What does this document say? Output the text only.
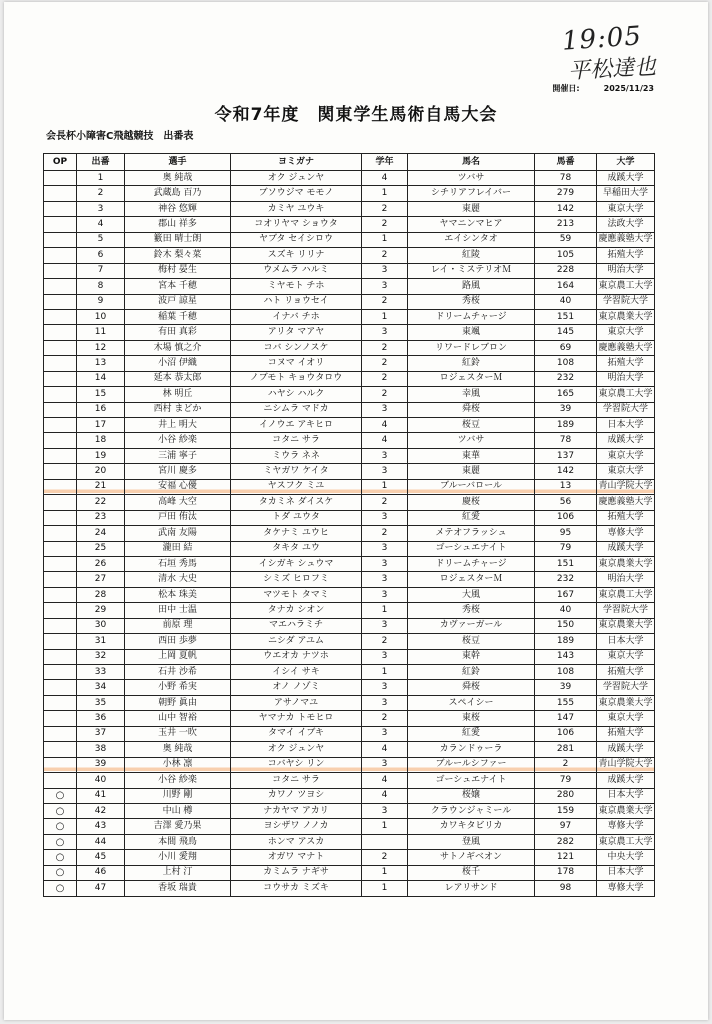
19:05
平松達也
開催日:	2025/11/23
令和7年度　関東学生馬術自馬大会
会長杯小障害C飛越競技　出番表
OP	出番	選手	ヨミガナ	学年	馬名	馬番	大学
	1	奥 純哉	オク ジュンヤ	4	ツバサ	78	成蹊大学
	2	武蔵島 百乃	ブソウジマ モモノ	1	シチリアフレイバー	279	早稲田大学
	3	神谷 悠輝	カミヤ ユウキ	2	東麗	142	東京大学
	4	郡山 祥多	コオリヤマ ショウタ	2	ヤマニンマヒア	213	法政大学
	5	籔田 晴士朗	ヤブタ セイシロウ	1	エイシンタオ	59	慶應義塾大学
	6	鈴木 梨々菜	スズキ リリナ	2	紅陵	105	拓殖大学
	7	梅村 晏生	ウメムラ ハルミ	3	レイ・ミステリオＭ	228	明治大学
	8	宮本 千穂	ミヤモト チホ	3	路風	164	東京農工大学
	9	波戸 諒星	ハト リョウセイ	2	秀桜	40	学習院大学
	10	稲葉 千穂	イナバ チホ	1	ドリームチャージ	151	東京農業大学
	11	有田 真彩	アリタ マアヤ	3	東颯	145	東京大学
	12	木場 慎之介	コバ シンノスケ	2	リワードレブロン	69	慶應義塾大学
	13	小沼 伊織	コヌマ イオリ	2	紅鈴	108	拓殖大学
	14	延本 恭太郎	ノブモト キョウタロウ	2	ロジェスターＭ	232	明治大学
	15	林 明丘	ハヤシ ハルク	2	幸風	165	東京農工大学
	16	西村 まどか	ニシムラ マドカ	3	舜桜	39	学習院大学
	17	井上 明大	イノウエ アキヒロ	4	桜豆	189	日本大学
	18	小谷 紗楽	コタニ サラ	4	ツバサ	78	成蹊大学
	19	三浦 寧子	ミウラ ネネ	3	東華	137	東京大学
	20	宮川 慶多	ミヤガワ ケイタ	3	東麗	142	東京大学
	21	安福 心優	ヤスフク ミユ	1	ブルーバロール	13	青山学院大学
	22	高峰 大空	タカミネ ダイスケ	2	慶桜	56	慶應義塾大学
	23	戸田 侑汰	トダ ユウタ	3	紅愛	106	拓殖大学
	24	武南 友陽	タケナミ ユウヒ	2	メテオフラッシュ	95	専修大学
	25	瀧田 結	タキタ ユウ	3	ゴーシュエナイト	79	成蹊大学
	26	石垣 秀馬	イシガキ シュウマ	3	ドリームチャージ	151	東京農業大学
	27	清水 大史	シミズ ヒロフミ	3	ロジェスターＭ	232	明治大学
	28	松本 珠美	マツモト タマミ	3	大風	167	東京農工大学
	29	田中 士温	タナカ シオン	1	秀桜	40	学習院大学
	30	前原 理	マエハラミチ	3	カヴァーガール	150	東京農業大学
	31	西田 歩夢	ニシダ アユム	2	桜豆	189	日本大学
	32	上岡 夏帆	ウエオカ ナツホ	3	東幹	143	東京大学
	33	石井 沙希	イシイ サキ	1	紅鈴	108	拓殖大学
	34	小野 希実	オノ ノゾミ	3	舜桜	39	学習院大学
	35	朝野 眞由	アサノマユ	3	スペイシー	155	東京農業大学
	36	山中 智裕	ヤマナカ トモヒロ	2	東桜	147	東京大学
	37	玉井 一吹	タマイ イブキ	3	紅愛	106	拓殖大学
	38	奥 純哉	オク ジュンヤ	4	カランドゥーラ	281	成蹊大学
	39	小林 凛	コバヤシ リン	3	ブルールシファー	2	青山学院大学
	40	小谷 紗楽	コタニ サラ	4	ゴーシュエナイト	79	成蹊大学
○	41	川野 剛	カワノ ツヨシ	4	桜嬢	280	日本大学
○	42	中山 樽	ナカヤマ アカリ	3	クラウンジャミール	159	東京農業大学
○	43	吉澤 愛乃果	ヨシザワ ノノカ	1	カワキタビリカ	97	専修大学
○	44	本間 飛鳥	ホンマ アスカ		登風	282	東京農工大学
○	45	小川 愛翔	オガワ マナト	2	サトノギベオン	121	中央大学
○	46	上村 汀	カミムラ ナギサ	1	桜千	178	日本大学
○	47	香坂 瑞貴	コウサカ ミズキ	1	レアリサンド	98	専修大学
